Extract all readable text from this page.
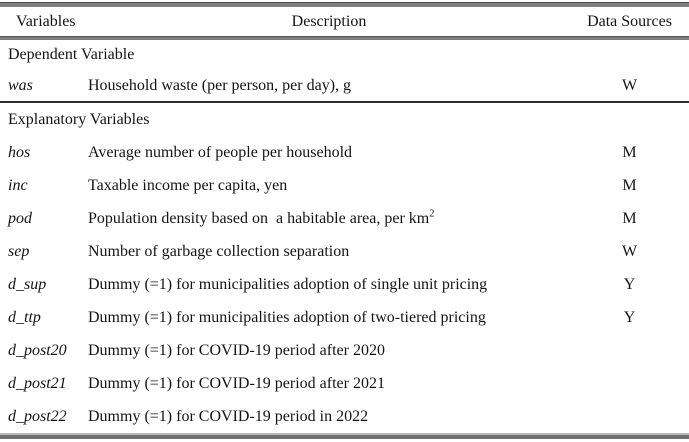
Variables	Description	Data Sources
Dependent Variable
was	Household waste (per person, per day), g	W
Explanatory Variables
hos	Average number of people per household	M
inc	Taxable income per capita, yen	M
pod	Population density based on  a habitable area, per $km^2$	M
sep	Number of garbage collection separation	W
d_sup	Dummy (=1) for municipalities adoption of single unit pricing	Y
d_ttp	Dummy (=1) for municipalities adoption of two-tiered pricing	Y
d_post20	Dummy (=1) for COVID-19 period after 2020
d_post21	Dummy (=1) for COVID-19 period after 2021
d_post22	Dummy (=1) for COVID-19 period in 2022
